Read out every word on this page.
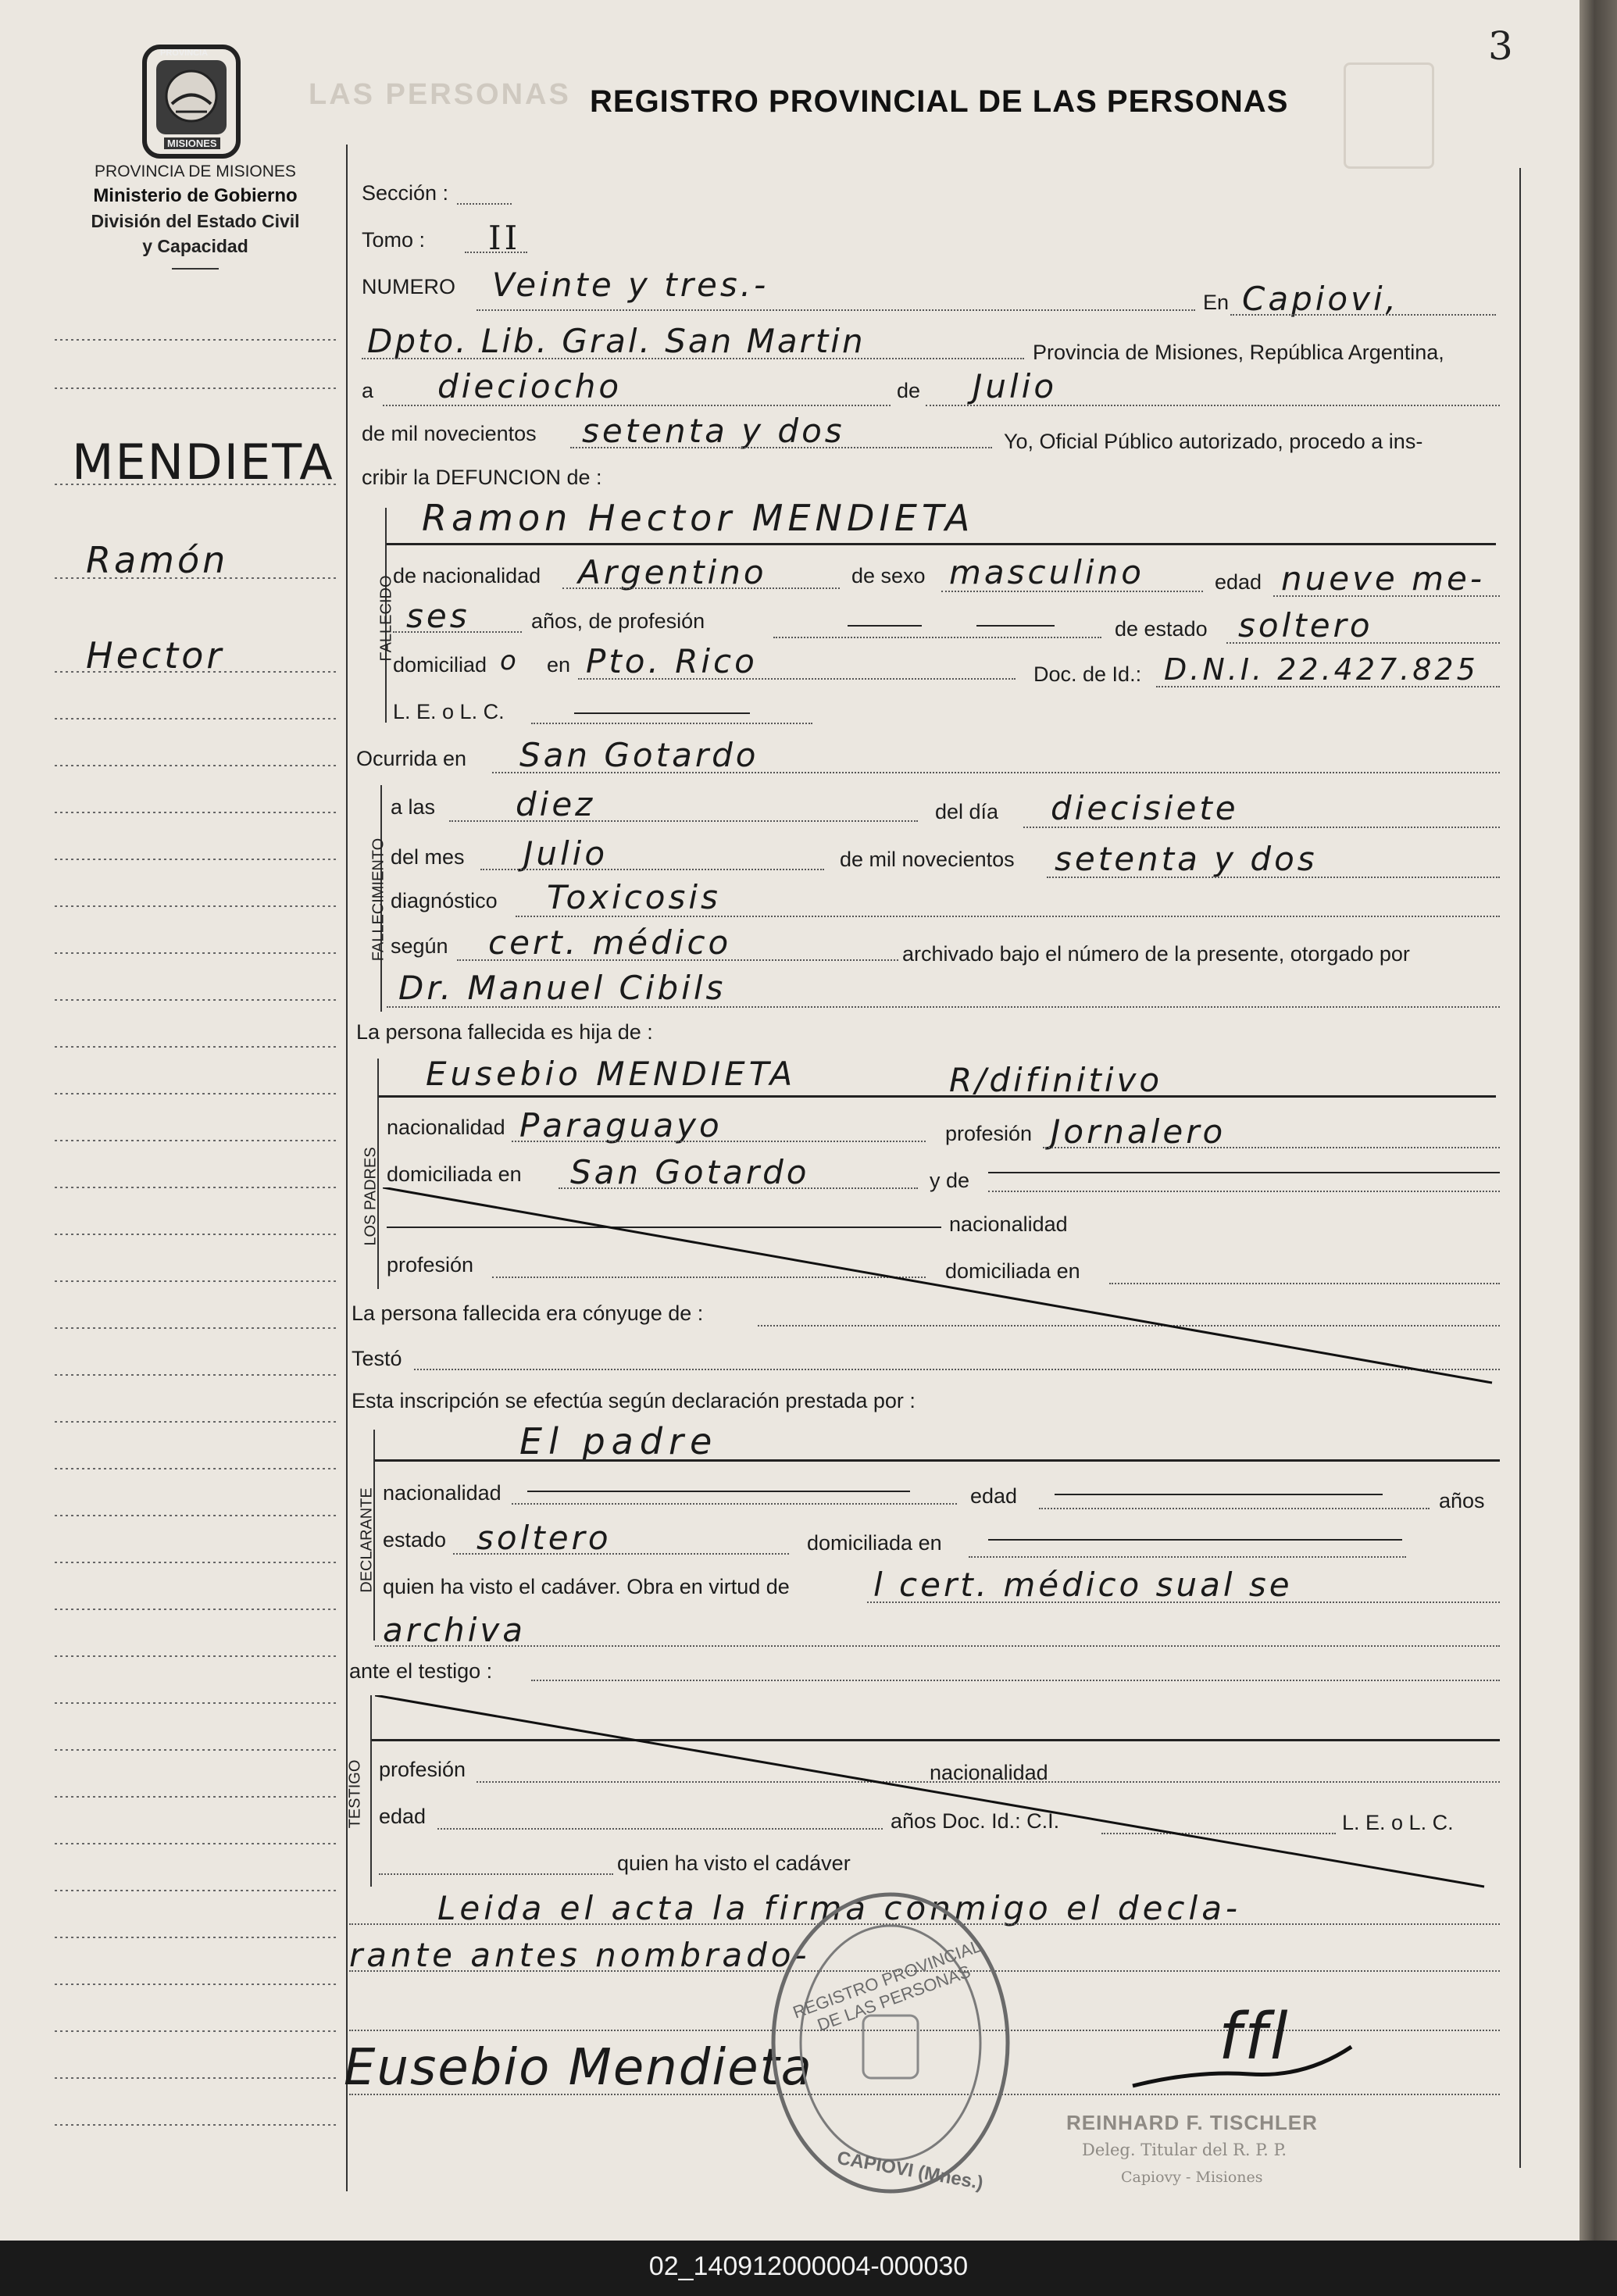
3
LAS PERSONAS
PROVINCIA
MISIONES
PROVINCIA DE MISIONES
Ministerio de Gobierno
División del Estado Civil
y Capacidad
REGISTRO PROVINCIAL DE LAS PERSONAS
MENDIETA
Ramón
Hector
Sección :
Tomo : II
NUMERO Veinte y tres.-	En Capiovi,
Dpto. Lib. Gral. San Martin	Provincia de Misiones, República Argentina,
a dieciocho	de Julio
de mil novecientos setenta y dos	Yo, Oficial Público autorizado, procedo a ins-
cribir la DEFUNCION de :
FALLECIDO
Ramon Hector MENDIETA
de nacionalidad Argentino	de sexo masculino	edad nueve me-
ses	años, de profesión	de estado soltero
domiciliad o en Pto. Rico	Doc. de Id.: D.N.I. 22.427.825
L. E. o L. C.
Ocurrida en San Gotardo
FALLECIMIENTO
a las diez	del día diecisiete
del mes Julio	de mil novecientos setenta y dos
diagnóstico Toxicosis
según cert. médico	archivado bajo el número de la presente, otorgado por
Dr. Manuel Cibils
La persona fallecida es hija de :
LOS PADRES
Eusebio MENDIETA	R/difinitivo
nacionalidad Paraguayo	profesión Jornalero
domiciliada en San Gotardo	y de
nacionalidad
profesión	domiciliada en
La persona fallecida era cónyuge de :
Testó
Esta inscripción se efectúa según declaración prestada por :
DECLARANTE
El padre
nacionalidad	edad	años
estado soltero	domiciliada en
quien ha visto el cadáver. Obra en virtud de	l cert. médico sual se
archiva
ante el testigo :
TESTIGO profesión	nacionalidad
edad	años Doc. Id.: C.I.	L. E. o L. C.
quien ha visto el cadáver
Leida el acta la firma conmigo el decla-
rante antes nombrado-
Eusebio Mendieta	ffl
REGISTRO PROVINCIAL DE LAS PERSONAS
CAPIOVI (Mnes.)
REINHARD F. TISCHLER
Deleg. Titular del R. P. P.
Capiovy - Misiones
02_140912000004-000030
